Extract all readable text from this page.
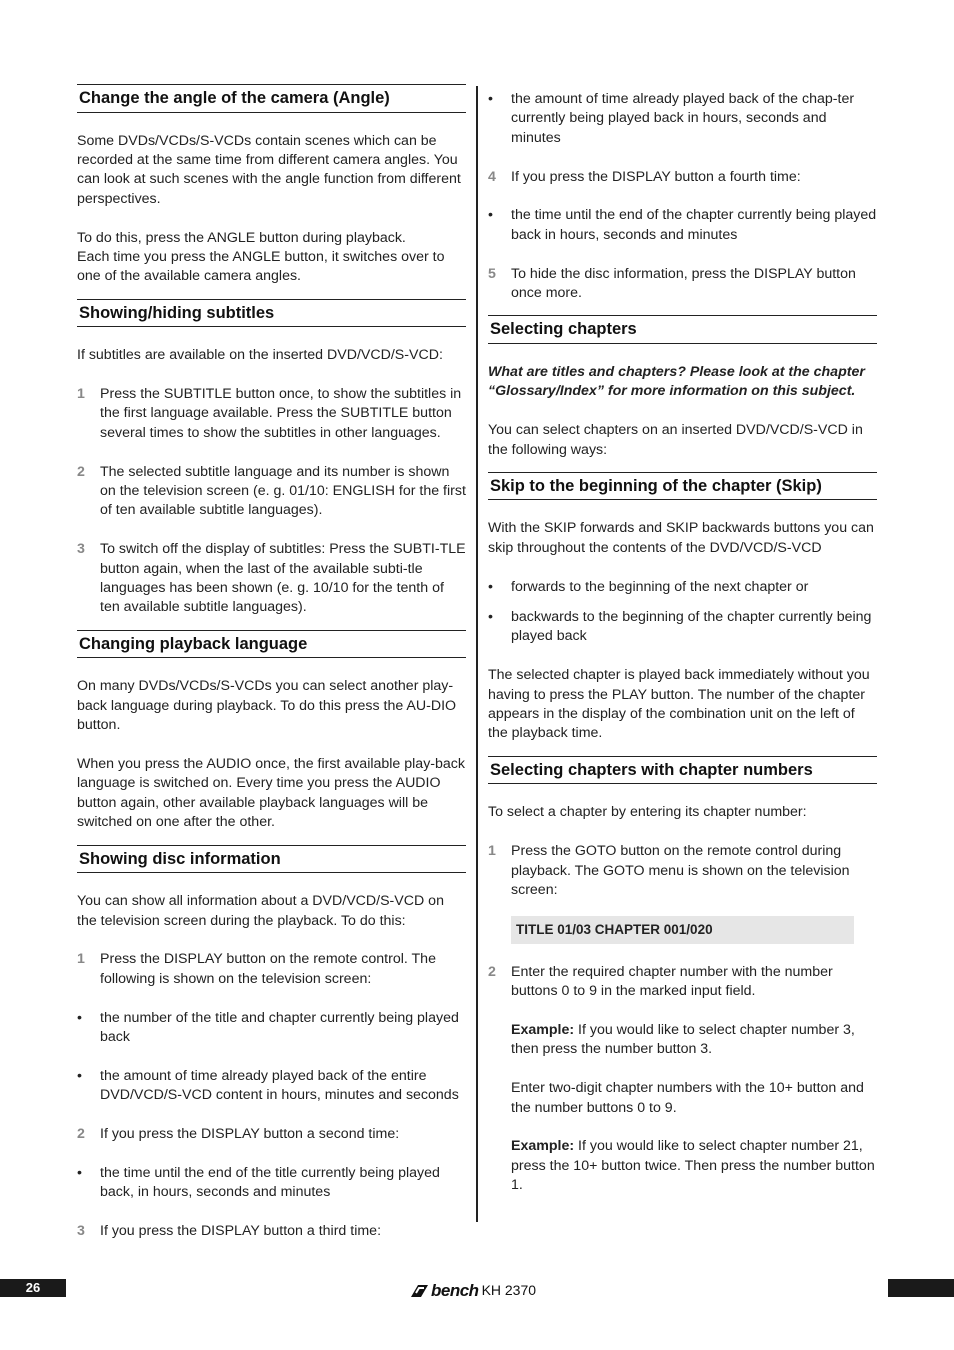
Change the angle of the camera (Angle)

Some DVDs/VCDs/S-VCDs contain scenes which can be recorded at the same time from different camera angles. You can look at such scenes with the angle function from different perspectives.

To do this, press the ANGLE button during playback.

Each time you press the ANGLE button, it switches over to one of the available camera angles.

Showing/hiding subtitles

If subtitles are available on the inserted DVD/VCD/S-VCD:

1 Press the SUBTITLE button once, to show the subtitles in the first language available. Press the SUBTITLE button several times to show the subtitles in other languages.
2 The selected subtitle language and its number is shown on the television screen (e. g. 01/10: ENGLISH for the first of ten available subtitle languages).
3 To switch off the display of subtitles: Press the SUBTI-TLE button again, when the last of the available subti-tle languages has been shown (e. g. 10/10 for the tenth of ten available subtitle languages).
Changing playback language

On many DVDs/VCDs/S-VCDs you can select another play-back language during playback. To do this press the AU-DIO button.

When you press the AUDIO once, the first available play-back language is switched on. Every time you press the AUDIO button again, other available playback languages will be switched on one after the other.

Showing disc information

You can show all information about a DVD/VCD/S-VCD on the television screen during the playback. To do this:

1 Press the DISPLAY button on the remote control. The following is shown on the television screen:
• the number of the title and chapter currently being played back
• the amount of time already played back of the entire DVD/VCD/S-VCD content in hours, minutes and seconds
2 If you press the DISPLAY button a second time:
• the time until the end of the title currently being played back, in hours, seconds and minutes
3 If you press the DISPLAY button a third time:
• the amount of time already played back of the chap-ter currently being played back in hours, seconds and minutes
4 If you press the DISPLAY button a fourth time:
• the time until the end of the chapter currently being played back in hours, seconds and minutes
5 To hide the disc information, press the DISPLAY button once more.
Selecting chapters

What are titles and chapters? Please look at the chapter “Glossary/Index” for more information on this subject.

You can select chapters on an inserted DVD/VCD/S-VCD in the following ways:

Skip to the beginning of the chapter (Skip)

With the SKIP forwards and SKIP backwards buttons you can skip throughout the contents of the DVD/VCD/S-VCD

• forwards to the beginning of the next chapter or
• backwards to the beginning of the chapter currently being played back

The selected chapter is played back immediately without you having to press the PLAY button. The number of the chapter appears in the display of the combination unit on the left of the playback time.

Selecting chapters with chapter numbers

To select a chapter by entering its chapter number:

1 Press the GOTO button on the remote control during playback. The GOTO menu is shown on the television screen:
TITLE 01/03 CHAPTER 001/020
2 Enter the required chapter number with the number buttons 0 to 9 in the marked input field.
Example: If you would like to select chapter number 3, then press the number button 3.
Enter two-digit chapter numbers with the 10+ button and the number buttons 0 to 9.
Example: If you would like to select chapter number 21, press the 10+ button twice. Then press the number button 1.
26	bench KH 2370
